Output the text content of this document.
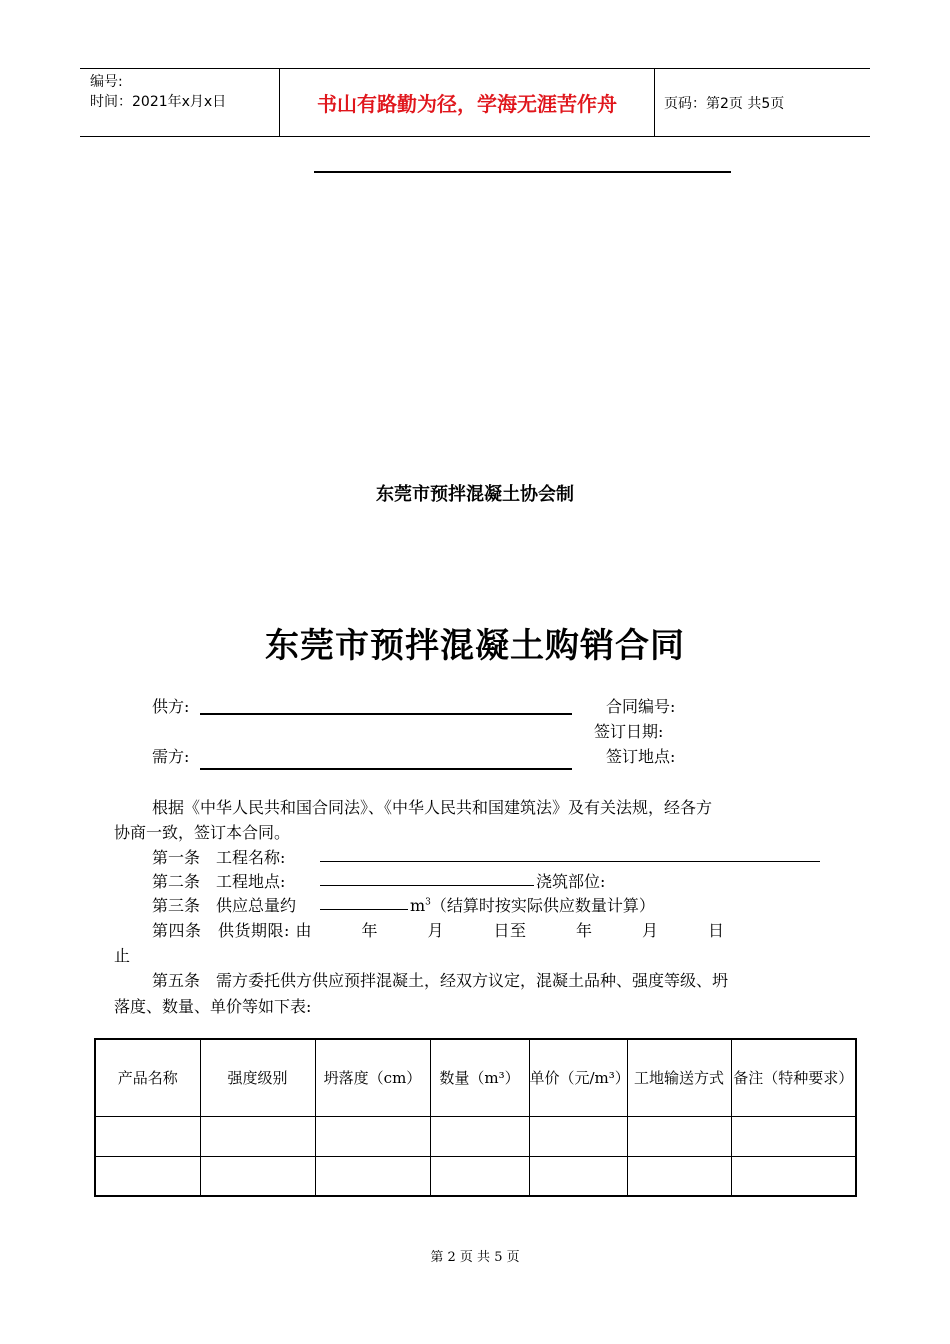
编号:
时间：2021年x月x日	书山有路勤为径，学海无涯苦作舟	页码：第2页 共5页
东莞市预拌混凝土协会制
东莞市预拌混凝土购销合同
供方:	合同编号:
签订日期:
需方:	签订地点:
根据《中华人民共和国合同法》、《中华人民共和国建筑法》及有关法规，经各方
协商一致，签订本合同。
第一条　工程名称:
第二条　工程地点:	浇筑部位:
第三条　供应总量约	$m^3$（结算时按实际供应数量计算）
第四条　供货期限: 由　　　年　　　月　　　日至　　　年　　　月　　　日
止
第五条　需方委托供方供应预拌混凝土，经双方议定，混凝土品种、强度等级、坍
落度、数量、单价等如下表:
产品名称	强度级别	坍落度（cm）	数量（m³）	单价（元/m³）	工地输送方式	备注（特种要求）

第 2 页 共 5 页
